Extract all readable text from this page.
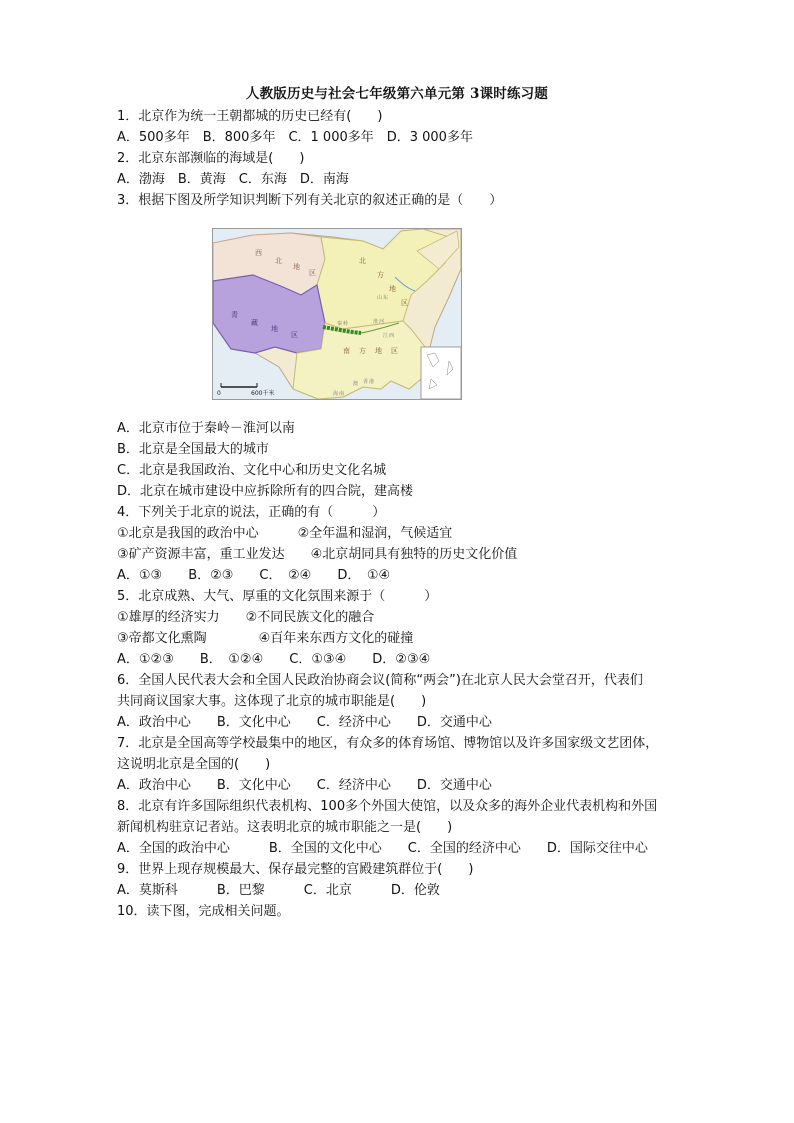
人教版历史与社会七年级第六单元第 3课时练习题
1．北京作为统一王朝都城的历史已经有(　　)
A．500多年　B．800多年　C．1 000多年　D．3 000多年
2．北京东部濒临的海域是(　　)
A．渤海　B．黄海　C．东海　D．南海
3．根据下图及所学知识判断下列有关北京的叙述正确的是（　　）
0	600千米
西
北
地
区
北
方
地
区
青
藏
地
区
南 方 地 区
秦 岭	淮 河
山 东
江 西
海 南
香 港
澳
A．北京市位于秦岭－淮河以南
B．北京是全国最大的城市
C．北京是我国政治、文化中心和历史文化名城
D．北京在城市建设中应拆除所有的四合院，建高楼
4．下列关于北京的说法，正确的有（　　　）
①北京是我国的政治中心　　　②全年温和湿润，气候适宜
③矿产资源丰富，重工业发达　　④北京胡同具有独特的历史文化价值
A．①③　　B．②③　　C．　②④　　D．　①④
5．北京成熟、大气、厚重的文化氛围来源于（　　　）
①雄厚的经济实力　　②不同民族文化的融合
③帝都文化熏陶　　　　④百年来东西方文化的碰撞
A．①②③　　B．　①②④　　C．①③④　　D．②③④
6．全国人民代表大会和全国人民政治协商会议(简称“两会”)在北京人民大会堂召开，代表们
共同商议国家大事。这体现了北京的城市职能是(　　)
A．政治中心　　B．文化中心　　C．经济中心　　D．交通中心
7．北京是全国高等学校最集中的地区，有众多的体育场馆、博物馆以及许多国家级文艺团体，
这说明北京是全国的(　　)
A．政治中心　　B．文化中心　　C．经济中心　　D．交通中心
8．北京有许多国际组织代表机构、100多个外国大使馆，以及众多的海外企业代表机构和外国
新闻机构驻京记者站。这表明北京的城市职能之一是(　　)
A．全国的政治中心　　　B．全国的文化中心　　C．全国的经济中心　　D．国际交往中心
9．世界上现存规模最大、保存最完整的宫殿建筑群位于(　　)
A．莫斯科　　　B．巴黎　　　C．北京　　　D．伦敦
10．读下图，完成相关问题。
